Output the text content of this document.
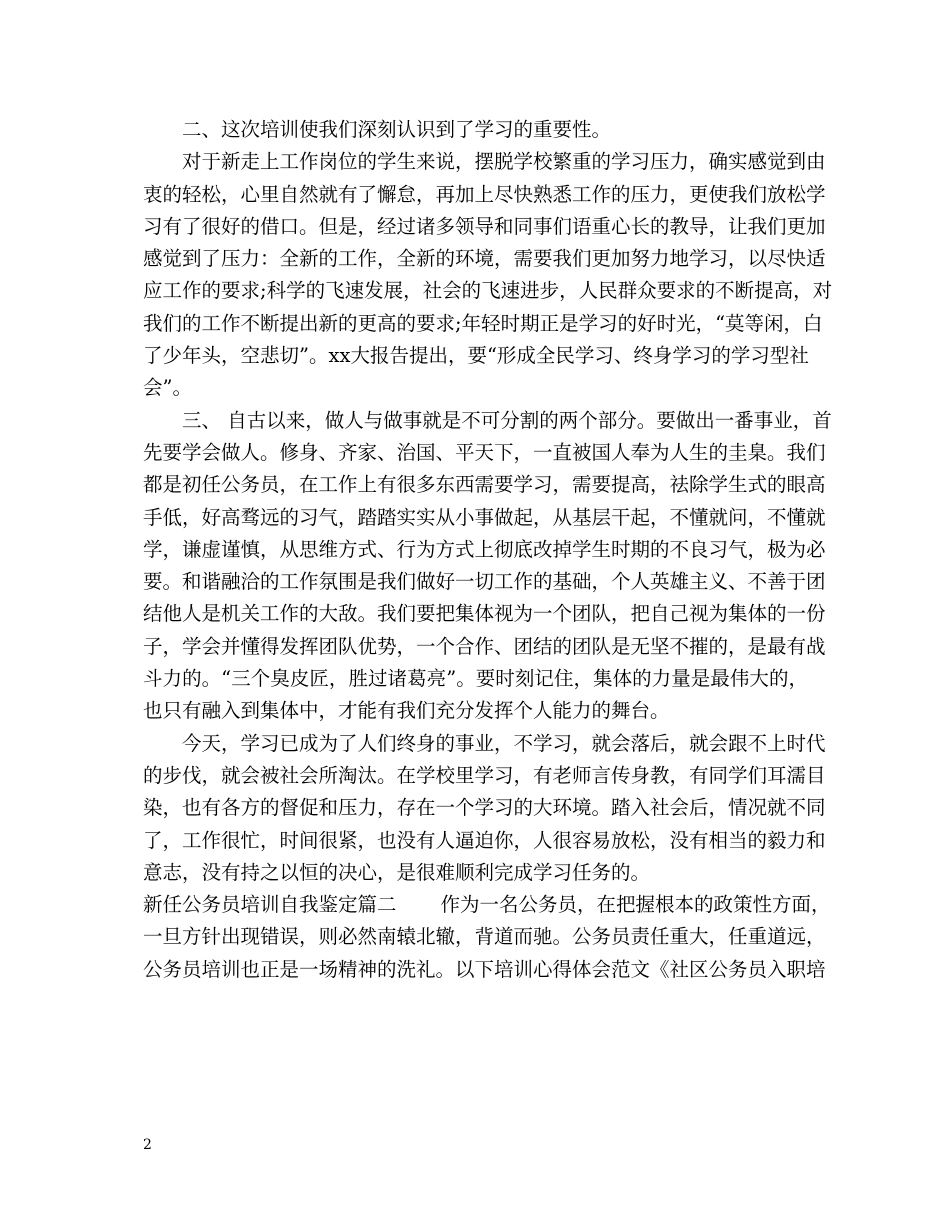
二、这次培训使我们深刻认识到了学习的重要性。
对于新走上工作岗位的学生来说，摆脱学校繁重的学习压力，确实感觉到由
衷的轻松，心里自然就有了懈怠，再加上尽快熟悉工作的压力，更使我们放松学
习有了很好的借口。但是，经过诸多领导和同事们语重心长的教导，让我们更加
感觉到了压力：全新的工作，全新的环境，需要我们更加努力地学习，以尽快适
应工作的要求;科学的飞速发展，社会的飞速进步，人民群众要求的不断提高，对
我们的工作不断提出新的更高的要求;年轻时期正是学习的好时光，“莫等闲，白
了少年头，空悲切”。xx大报告提出，要“形成全民学习、终身学习的学习型社
会”。
三、 自古以来，做人与做事就是不可分割的两个部分。要做出一番事业，首
先要学会做人。修身、齐家、治国、平天下，一直被国人奉为人生的圭臬。我们
都是初任公务员，在工作上有很多东西需要学习，需要提高，祛除学生式的眼高
手低，好高骛远的习气，踏踏实实从小事做起，从基层干起，不懂就问，不懂就
学，谦虚谨慎，从思维方式、行为方式上彻底改掉学生时期的不良习气，极为必
要。和谐融洽的工作氛围是我们做好一切工作的基础，个人英雄主义、不善于团
结他人是机关工作的大敌。我们要把集体视为一个团队，把自己视为集体的一份
子，学会并懂得发挥团队优势，一个合作、团结的团队是无坚不摧的，是最有战
斗力的。“三个臭皮匠，胜过诸葛亮”。要时刻记住，集体的力量是最伟大的，
也只有融入到集体中，才能有我们充分发挥个人能力的舞台。
今天，学习已成为了人们终身的事业，不学习，就会落后，就会跟不上时代
的步伐，就会被社会所淘汰。在学校里学习，有老师言传身教，有同学们耳濡目
染，也有各方的督促和压力，存在一个学习的大环境。踏入社会后，情况就不同
了，工作很忙，时间很紧，也没有人逼迫你，人很容易放松，没有相当的毅力和
意志，没有持之以恒的决心，是很难顺利完成学习任务的。
新任公务员培训自我鉴定篇二 作为一名公务员，在把握根本的政策性方面，
一旦方针出现错误，则必然南辕北辙，背道而驰。公务员责任重大，任重道远，
公务员培训也正是一场精神的洗礼。以下培训心得体会范文《社区公务员入职培
2
